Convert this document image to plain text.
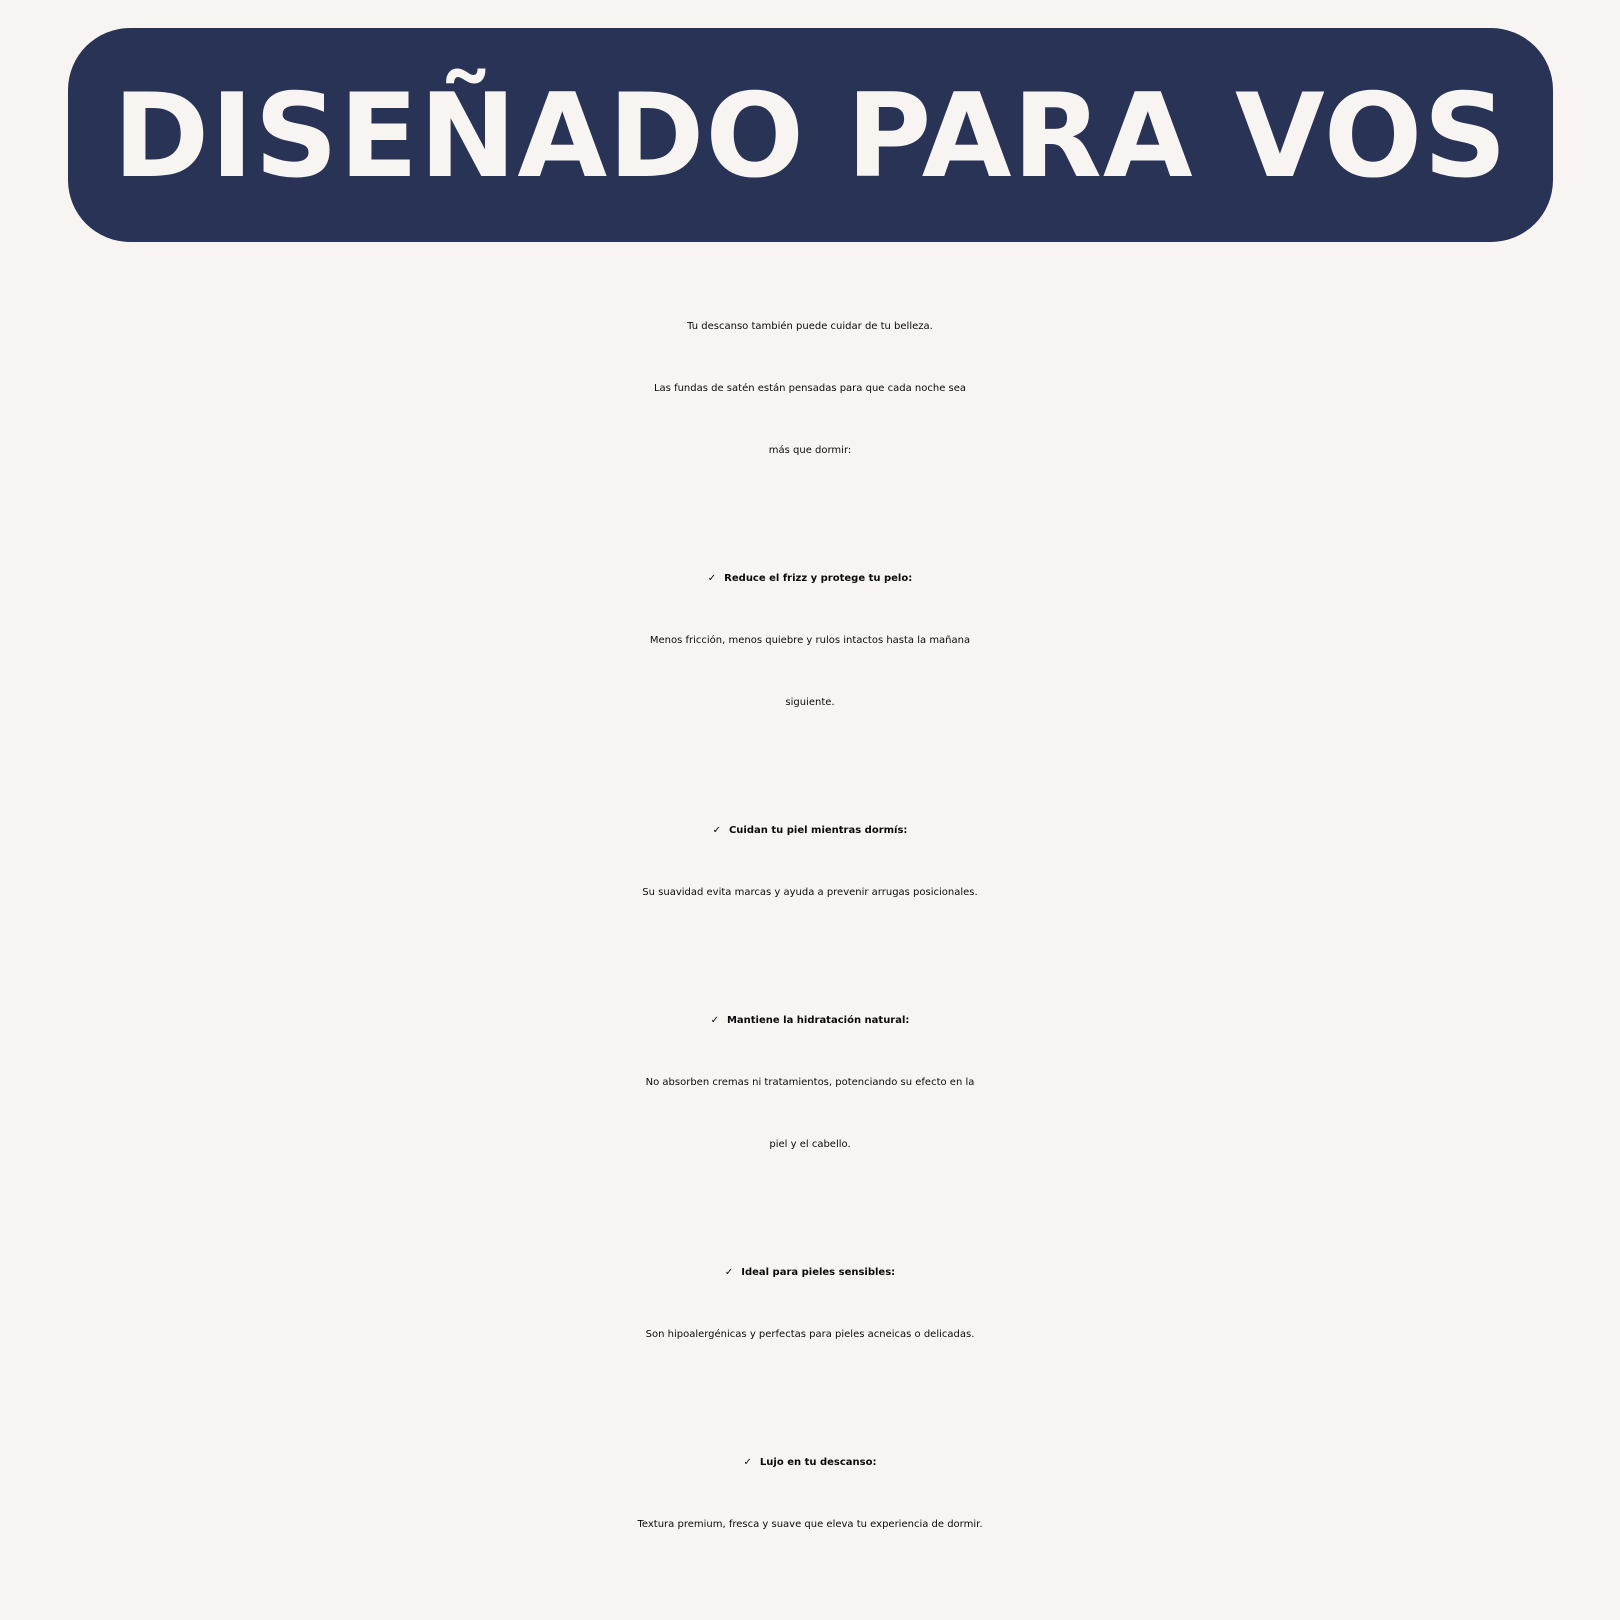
DISEÑADO PARA VOS
Tu descanso también puede cuidar de tu belleza.
Las fundas de satén están pensadas para que cada noche sea
más que dormir:
✓ Reduce el frizz y protege tu pelo:
Menos fricción, menos quiebre y rulos intactos hasta la mañana
siguiente.
✓ Cuidan tu piel mientras dormís:
Su suavidad evita marcas y ayuda a prevenir arrugas posicionales.
✓ Mantiene la hidratación natural:
No absorben cremas ni tratamientos, potenciando su efecto en la
piel y el cabello.
✓ Ideal para pieles sensibles:
Son hipoalergénicas y perfectas para pieles acneicas o delicadas.
✓ Lujo en tu descanso:
Textura premium, fresca y suave que eleva tu experiencia de dormir.
